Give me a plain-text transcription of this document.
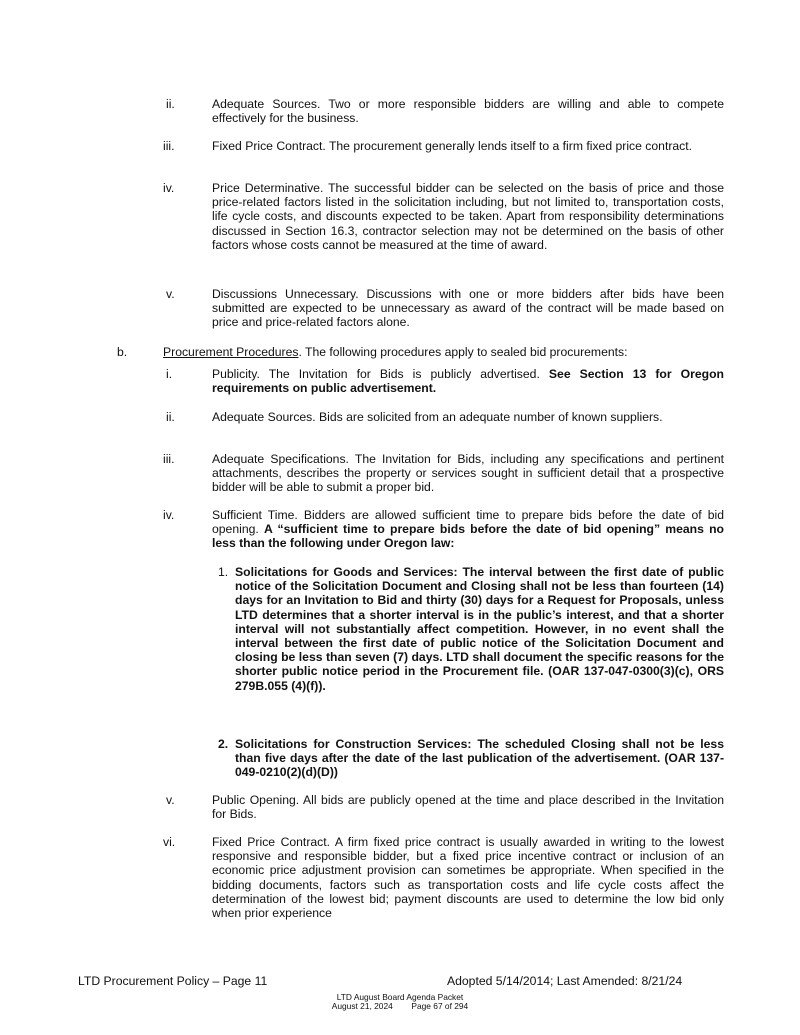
ii.	Adequate Sources. Two or more responsible bidders are willing and able to compete effectively for the business.
iii.	Fixed Price Contract. The procurement generally lends itself to a firm fixed price contract.
iv.	Price Determinative. The successful bidder can be selected on the basis of price and those price-related factors listed in the solicitation including, but not limited to, transportation costs, life cycle costs, and discounts expected to be taken. Apart from responsibility determinations discussed in Section 16.3, contractor selection may not be determined on the basis of other factors whose costs cannot be measured at the time of award.
v.	Discussions Unnecessary. Discussions with one or more bidders after bids have been submitted are expected to be unnecessary as award of the contract will be made based on price and price-related factors alone.
b.	Procurement Procedures. The following procedures apply to sealed bid procurements:
i.	Publicity. The Invitation for Bids is publicly advertised. See Section 13 for Oregon requirements on public advertisement.
ii.	Adequate Sources. Bids are solicited from an adequate number of known suppliers.
iii.	Adequate Specifications. The Invitation for Bids, including any specifications and pertinent attachments, describes the property or services sought in sufficient detail that a prospective bidder will be able to submit a proper bid.
iv.	Sufficient Time. Bidders are allowed sufficient time to prepare bids before the date of bid opening. A “sufficient time to prepare bids before the date of bid opening” means no less than the following under Oregon law:
1. Solicitations for Goods and Services: The interval between the first date of public notice of the Solicitation Document and Closing shall not be less than fourteen (14) days for an Invitation to Bid and thirty (30) days for a Request for Proposals, unless LTD determines that a shorter interval is in the public’s interest, and that a shorter interval will not substantially affect competition. However, in no event shall the interval between the first date of public notice of the Solicitation Document and closing be less than seven (7) days. LTD shall document the specific reasons for the shorter public notice period in the Procurement file. (OAR 137-047-0300(3)(c), ORS 279B.055 (4)(f)).
2. Solicitations for Construction Services: The scheduled Closing shall not be less than five days after the date of the last publication of the advertisement. (OAR 137-049-0210(2)(d)(D))
v.	Public Opening. All bids are publicly opened at the time and place described in the Invitation for Bids.
vi.	Fixed Price Contract. A firm fixed price contract is usually awarded in writing to the lowest responsive and responsible bidder, but a fixed price incentive contract or inclusion of an economic price adjustment provision can sometimes be appropriate. When specified in the bidding documents, factors such as transportation costs and life cycle costs affect the determination of the lowest bid; payment discounts are used to determine the low bid only when prior experience
LTD Procurement Policy – Page 11	Adopted 5/14/2014; Last Amended: 8/21/24
LTD August Board Agenda Packet
August 21, 2024        Page 67 of 294
